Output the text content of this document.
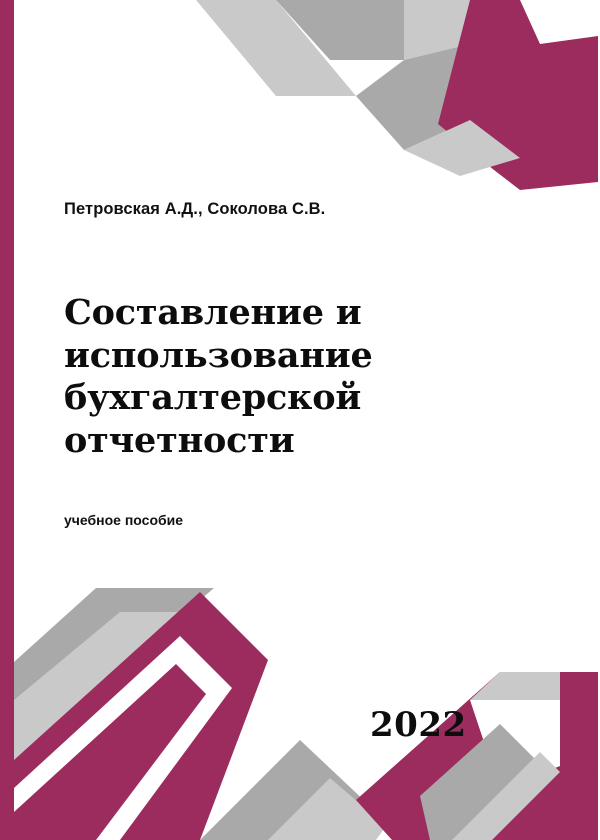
Петровская А.Д., Соколова С.В.
Составление и использование бухгалтерской отчетности
учебное пособие
2022
